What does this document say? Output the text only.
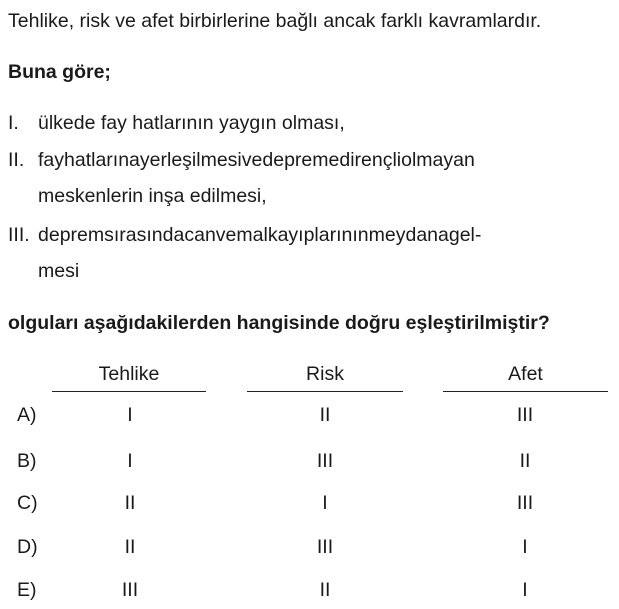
Tehlike, risk ve afet birbirlerine bağlı ancak farklı kavramlardır.
Buna göre;
I. ülkede fay hatlarının yaygın olması,
II. fayhatlarınayerleşilmesivedepremedirençliolmayan
meskenlerin inşa edilmesi,
III. depremsırasındacanvemalkayıplarınınmeydanagel-
mesi
olguları aşağıdakilerden hangisinde doğru eşleştirilmiştir?
Tehlike	Risk	Afet
A)	I	II	III
B)	I	III	II
C)	II	I	III
D)	II	III	I
E)	III	II	I
